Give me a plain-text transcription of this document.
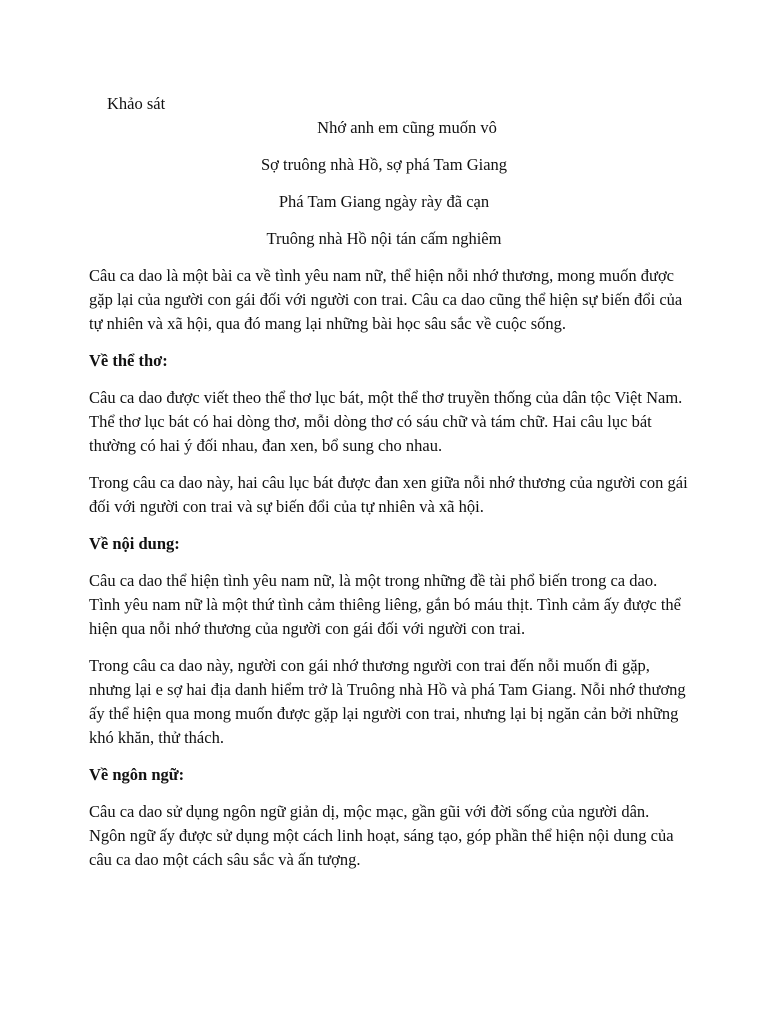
Khảo sát

Nhớ anh em cũng muốn vô

Sợ truông nhà Hồ, sợ phá Tam Giang

Phá Tam Giang ngày rày đã cạn

Truông nhà Hồ nội tán cấm nghiêm

Câu ca dao là một bài ca về tình yêu nam nữ, thể hiện nỗi nhớ thương, mong muốn được gặp lại của người con gái đối với người con trai. Câu ca dao cũng thể hiện sự biến đổi của tự nhiên và xã hội, qua đó mang lại những bài học sâu sắc về cuộc sống.

Về thể thơ:

Câu ca dao được viết theo thể thơ lục bát, một thể thơ truyền thống của dân tộc Việt Nam. Thể thơ lục bát có hai dòng thơ, mỗi dòng thơ có sáu chữ và tám chữ. Hai câu lục bát thường có hai ý đối nhau, đan xen, bổ sung cho nhau.

Trong câu ca dao này, hai câu lục bát được đan xen giữa nỗi nhớ thương của người con gái đối với người con trai và sự biến đổi của tự nhiên và xã hội.

Về nội dung:

Câu ca dao thể hiện tình yêu nam nữ, là một trong những đề tài phổ biến trong ca dao. Tình yêu nam nữ là một thứ tình cảm thiêng liêng, gắn bó máu thịt. Tình cảm ấy được thể hiện qua nỗi nhớ thương của người con gái đối với người con trai.

Trong câu ca dao này, người con gái nhớ thương người con trai đến nỗi muốn đi gặp, nhưng lại e sợ hai địa danh hiểm trở là Truông nhà Hồ và phá Tam Giang. Nỗi nhớ thương ấy thể hiện qua mong muốn được gặp lại người con trai, nhưng lại bị ngăn cản bởi những khó khăn, thử thách.

Về ngôn ngữ:

Câu ca dao sử dụng ngôn ngữ giản dị, mộc mạc, gần gũi với đời sống của người dân. Ngôn ngữ ấy được sử dụng một cách linh hoạt, sáng tạo, góp phần thể hiện nội dung của câu ca dao một cách sâu sắc và ấn tượng.
